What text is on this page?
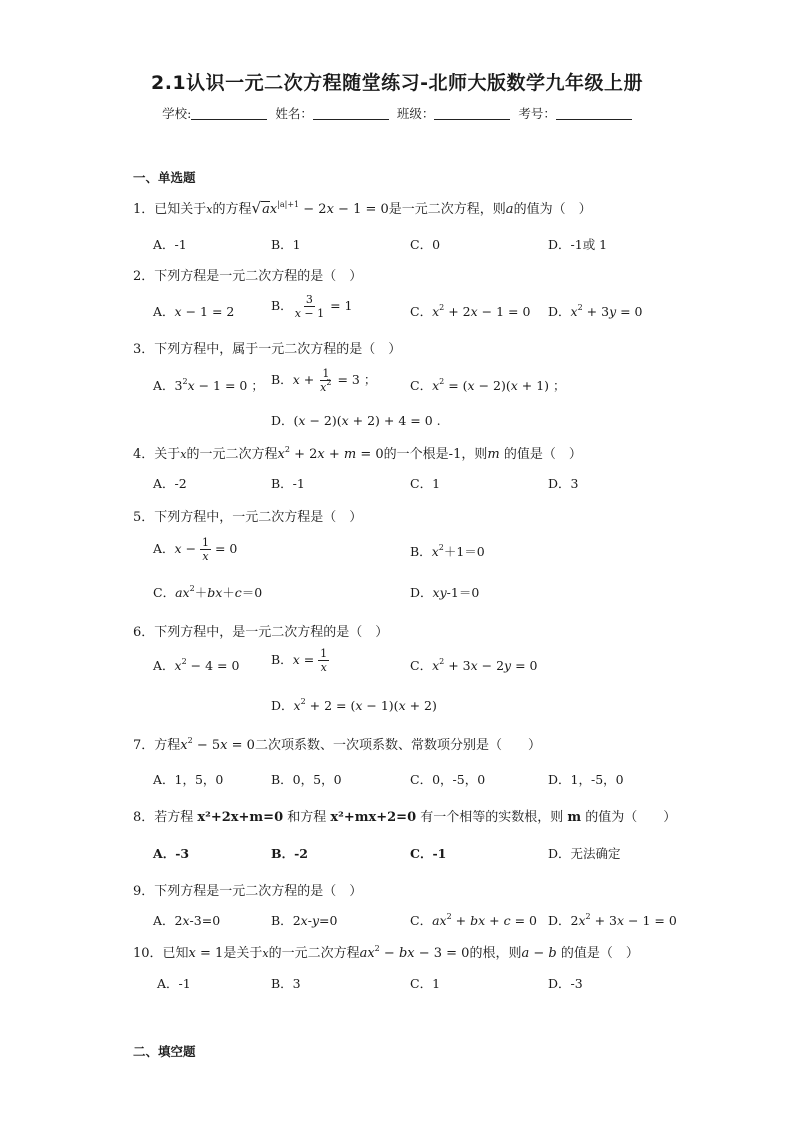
2.1认识一元二次方程随堂练习-北师大版数学九年级上册
学校:	姓名：	班级：	考号：
一、单选题
1．已知关于x的方程$√ax^{|a|+1} - 2x - 1 = 0$是一元二次方程，则a的值为（　）
A．-1	B．1	C．0	D．-1或 1
2．下列方程是一元二次方程的是（　）
A．x − 1 = 2	B． $\frac{3}{x - 1} = 1$	C．$x^2 + 2x - 1 = 0$ D．$x^2 + 3y = 0$
3．下列方程中，属于一元二次方程的是（　）
A．$3^2x - 1 = 0$ ； B．$x + \frac{1}{x^2} = 3$ ；	C．$x^2 = (x - 2)(x + 1)$ ；
D．(x − 2)(x + 2) + 4 = 0 .
4．关于x的一元二次方程$x^2 + 2x + m = 0$的一个根是-1，则m 的值是（　）
A．-2	B．-1	C．1	D．3
5．下列方程中，一元二次方程是（　）
A．$x - \frac{1}{x} = 0$	B．$x^2+1=0$
C．$ax^2+bx+c=0$	D．xy-1＝0
6．下列方程中，是一元二次方程的是（　）
A．$x^2 - 4 = 0$	B．$x = \frac{1}{x}$	C．$x^2 + 3x - 2y = 0$
D．$x^2 + 2 = (x - 1)(x + 2)$
7．方程$x^2 - 5x = 0$二次项系数、一次项系数、常数项分别是（　　）
A．1，5，0	B．0，5，0	C．0，-5，0	D．1，-5，0
8．若方程 x²+2x+m=0 和方程 x²+mx+2=0 有一个相等的实数根，则 m 的值为（　　）
A．-3	B．-2	C．-1	D．无法确定
9．下列方程是一元二次方程的是（　）
A．2x-3=0	B．2x-y=0	C．$ax^2$ + bx + c = 0 D．$2x^2 + 3x - 1 = 0$
10．已知x = 1是关于x的一元二次方程$ax^2$ − bx − 3 = 0的根，则a − b 的值是（　）
A．-1	B．3	C．1	D．-3
二、填空题
